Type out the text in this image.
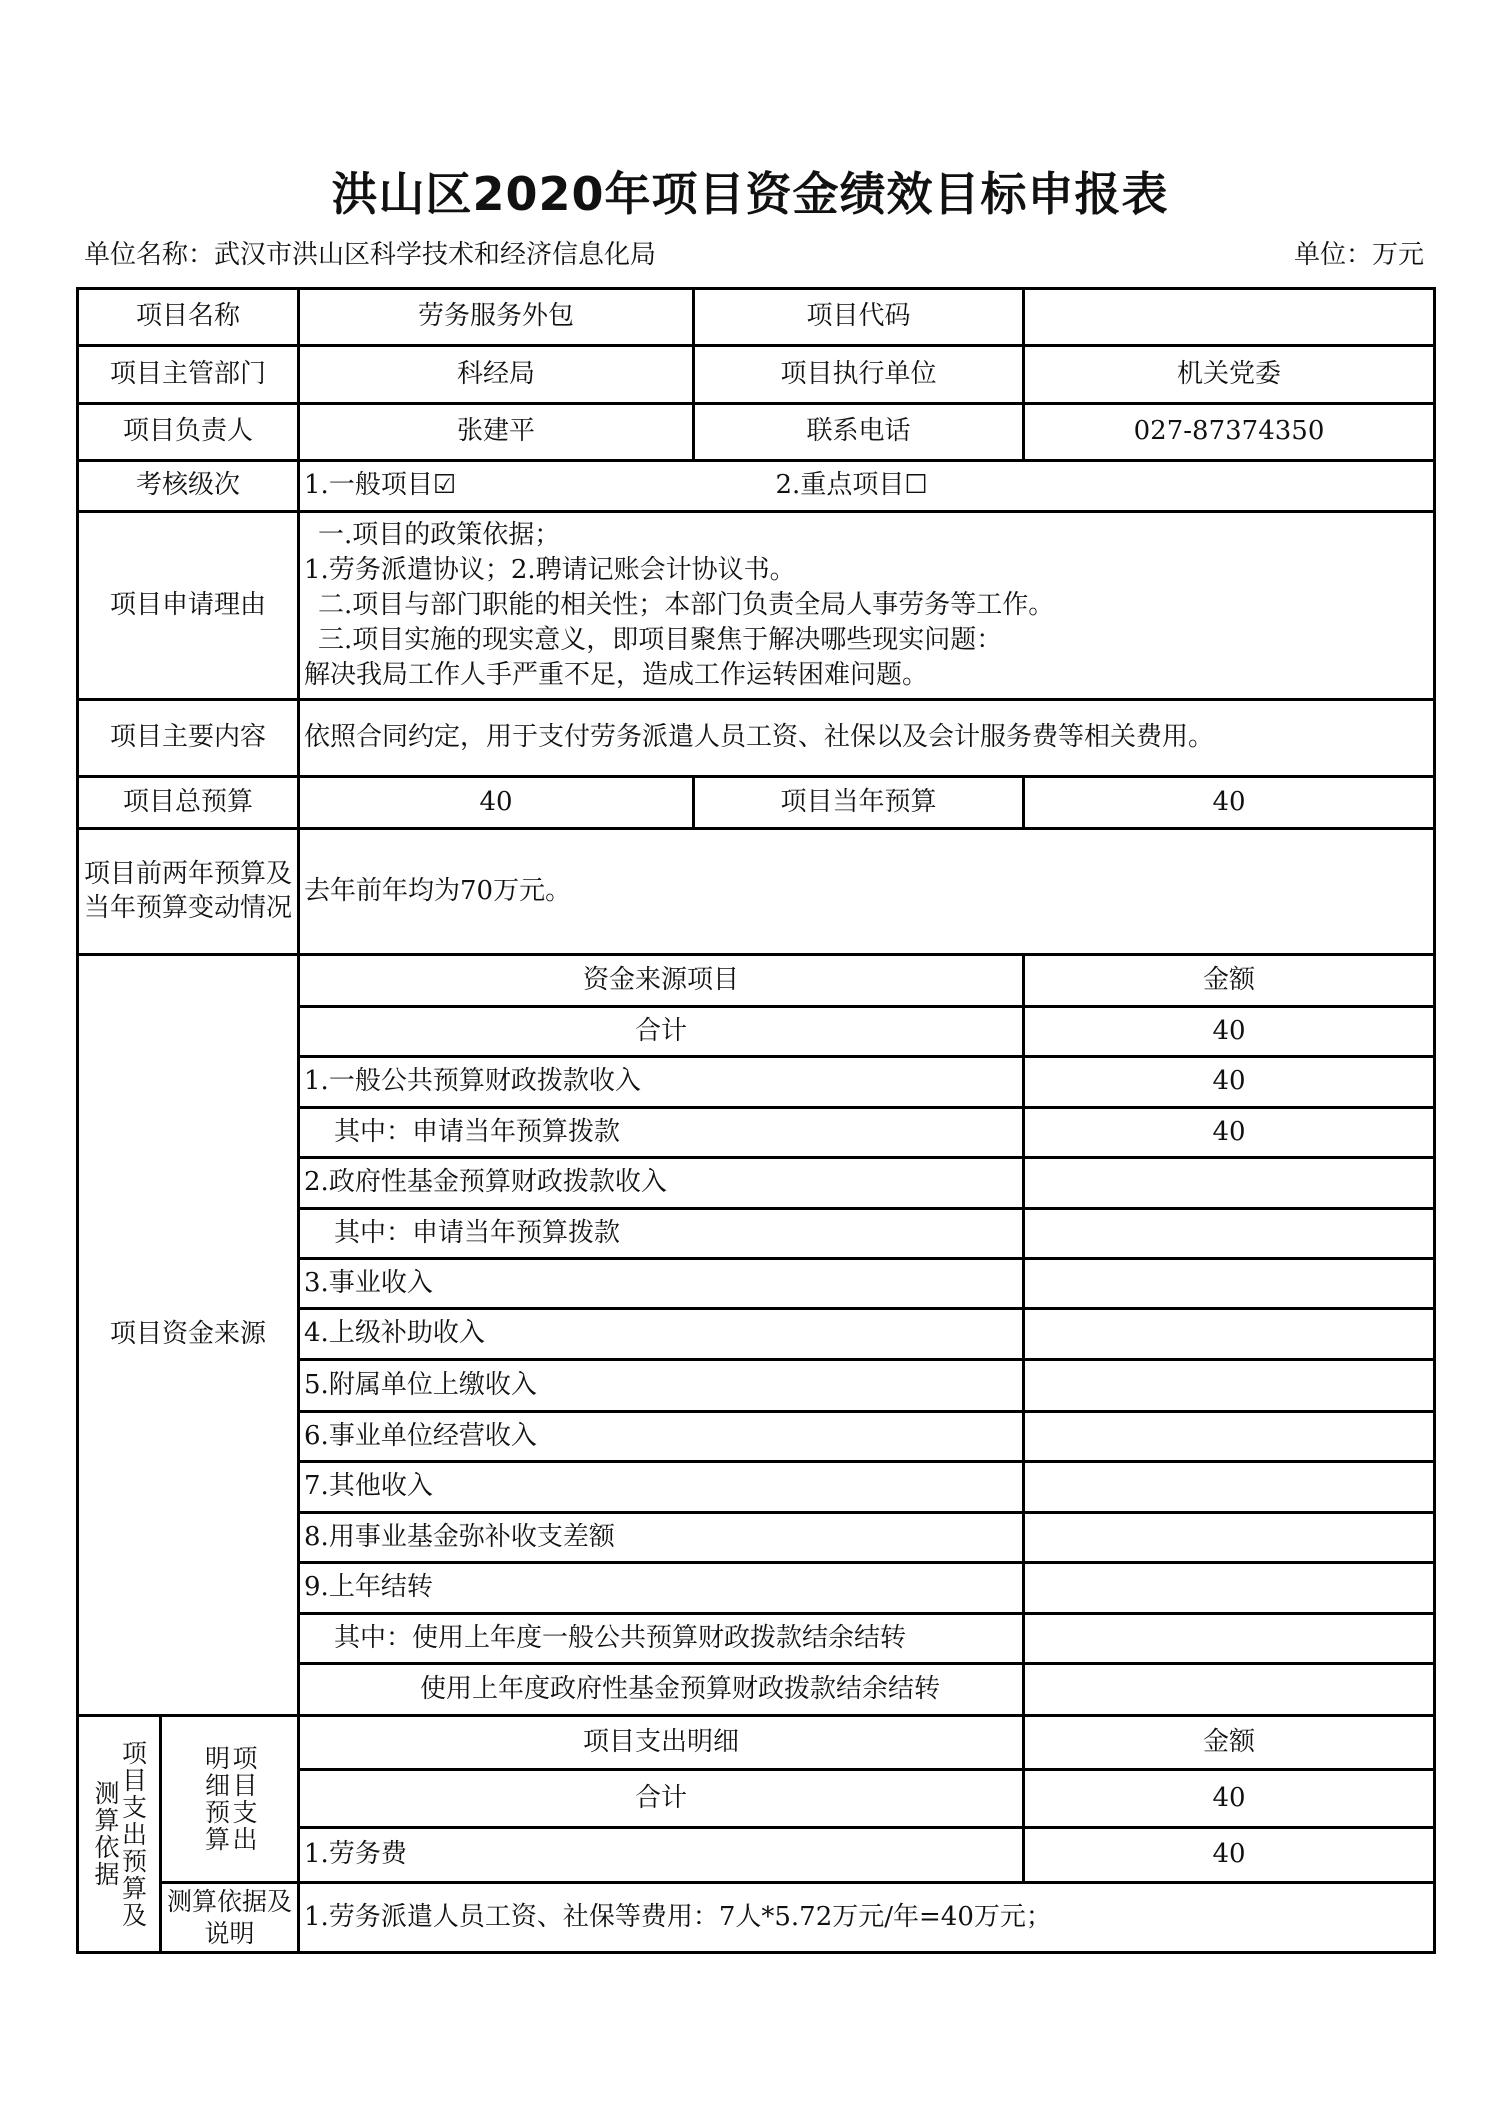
洪山区2020年项目资金绩效目标申报表
单位名称：武汉市洪山区科学技术和经济信息化局	单位：万元
项目名称		劳务服务外包	项目代码	
项目主管部门		科经局	项目执行单位	机关党委
项目负责人		张建平	联系电话	027-87374350
考核级次		1.一般项目☑	2.重点项目☐	
项目申请理由		一.项目的政策依据；
1.劳务派遣协议；2.聘请记账会计协议书。
二.项目与部门职能的相关性；本部门负责全局人事劳务等工作。
三.项目实施的现实意义，即项目聚焦于解决哪些现实问题：
解决我局工作人手严重不足，造成工作运转困难问题。		

项目主要内容		依照合同约定，用于支付劳务派遣人员工资、社保以及会计服务费等相关费用。		
项目总预算		40	项目当年预算	40
项目前两年预算及当年预算变动情况		去年前年均为70万元。		
项目资金来源		资金来源项目		金额
		合计		40
		1.一般公共预算财政拨款收入		40
		其中：申请当年预算拨款		40
		2.政府性基金预算财政拨款收入		
		其中：申请当年预算拨款		
		3.事业收入		
		4.上级补助收入		
		5.附属单位上缴收入		
		6.事业单位经营收入		
		7.其他收入		
		8.用事业基金弥补收支差额		
		9.上年结转		
		其中：使用上年度一般公共预算财政拨款结余结转		
		使用上年度政府性基金预算财政拨款结余结转		

项目支出预算及测算依据	项目支出明细预算	项目支出明细		金额
		合计		40
		1.劳务费		40
	测算依据及说明	1.劳务派遣人员工资、社保等费用：7人*5.72万元/年=40万元；		
